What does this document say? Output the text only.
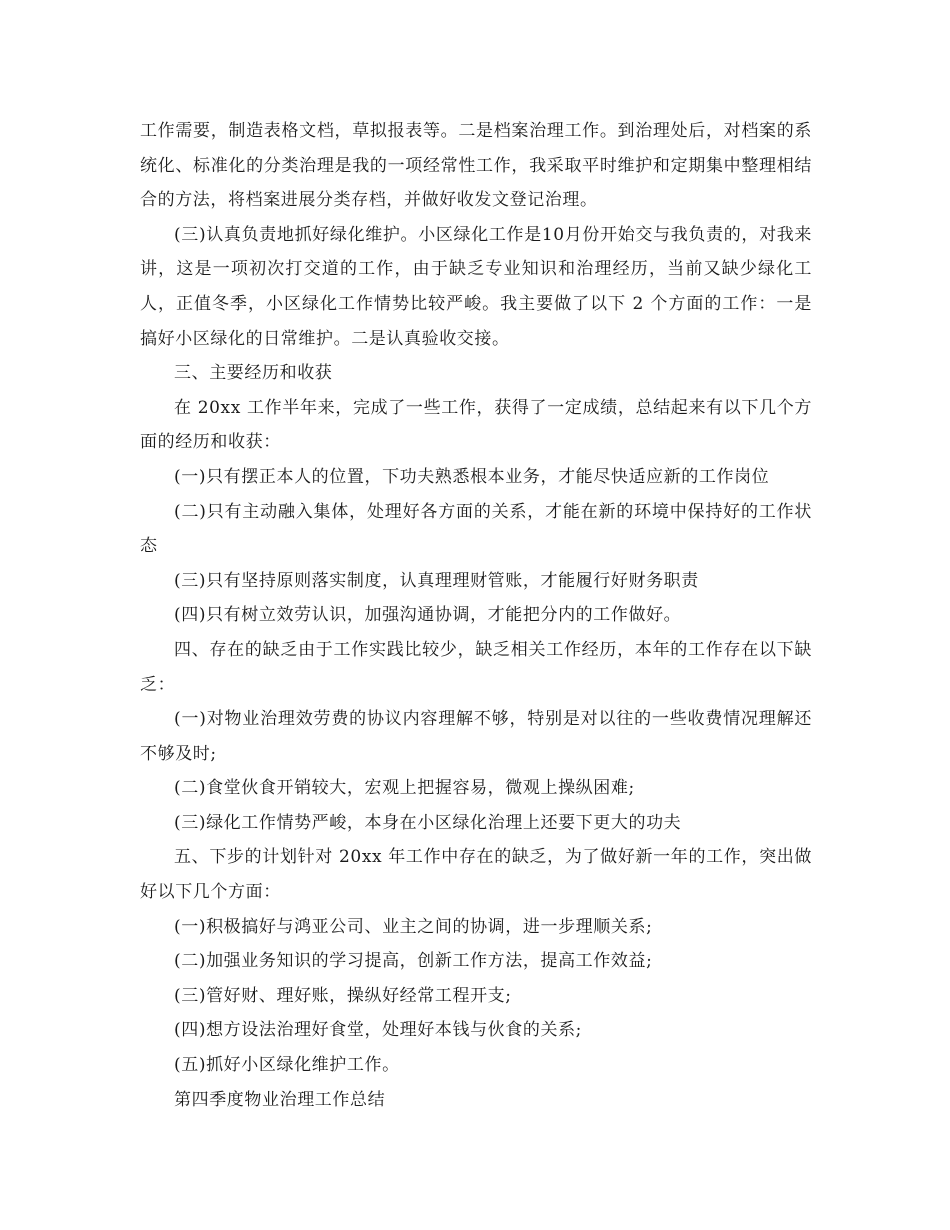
工作需要，制造表格文档，草拟报表等。二是档案治理工作。到治理处后，对档案的系统化、标准化的分类治理是我的一项经常性工作，我采取平时维护和定期集中整理相结合的方法，将档案进展分类存档，并做好收发文登记治理。

(三)认真负责地抓好绿化维护。小区绿化工作是10月份开始交与我负责的，对我来讲，这是一项初次打交道的工作，由于缺乏专业知识和治理经历，当前又缺少绿化工人，正值冬季，小区绿化工作情势比较严峻。我主要做了以下 2 个方面的工作：一是搞好小区绿化的日常维护。二是认真验收交接。

三、主要经历和收获

在 20xx 工作半年来，完成了一些工作，获得了一定成绩，总结起来有以下几个方面的经历和收获：

(一)只有摆正本人的位置，下功夫熟悉根本业务，才能尽快适应新的工作岗位

(二)只有主动融入集体，处理好各方面的关系，才能在新的环境中保持好的工作状态

(三)只有坚持原则落实制度，认真理理财管账，才能履行好财务职责

(四)只有树立效劳认识，加强沟通协调，才能把分内的工作做好。

四、存在的缺乏由于工作实践比较少，缺乏相关工作经历，本年的工作存在以下缺乏：

(一)对物业治理效劳费的协议内容理解不够，特别是对以往的一些收费情况理解还不够及时;

(二)食堂伙食开销较大，宏观上把握容易，微观上操纵困难;

(三)绿化工作情势严峻，本身在小区绿化治理上还要下更大的功夫

五、下步的计划针对 20xx 年工作中存在的缺乏，为了做好新一年的工作，突出做好以下几个方面：

(一)积极搞好与鸿亚公司、业主之间的协调，进一步理顺关系;

(二)加强业务知识的学习提高，创新工作方法，提高工作效益;

(三)管好财、理好账，操纵好经常工程开支;

(四)想方设法治理好食堂，处理好本钱与伙食的关系;

(五)抓好小区绿化维护工作。

第四季度物业治理工作总结
